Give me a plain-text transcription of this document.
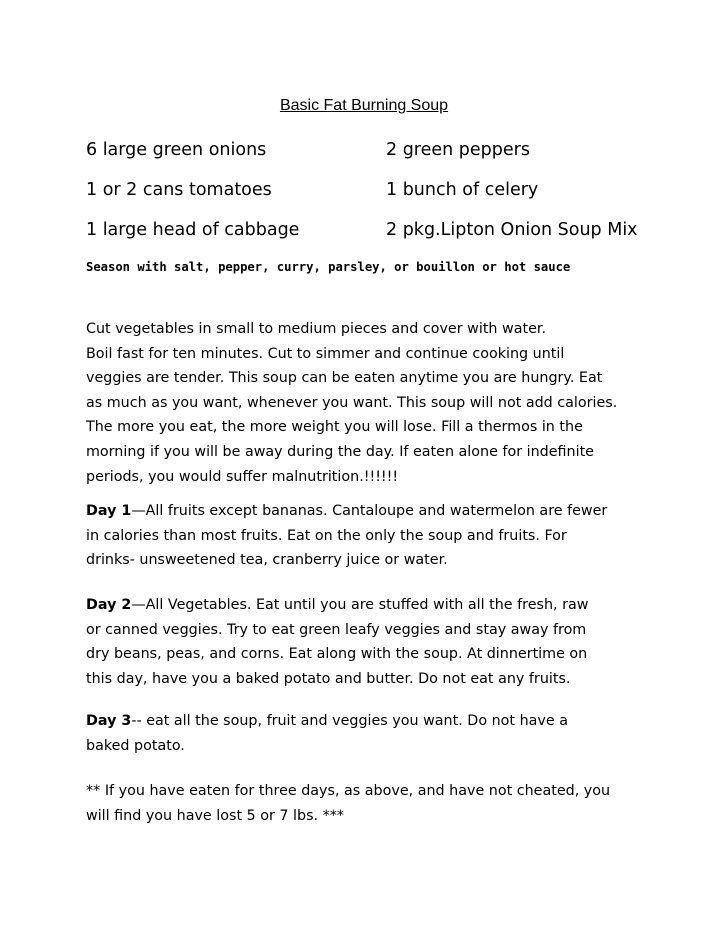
Basic Fat Burning Soup
6 large green onions	2 green peppers
1 or 2 cans tomatoes	1 bunch of celery
1 large head of cabbage	2 pkg.Lipton Onion Soup Mix
Season with salt, pepper, curry, parsley, or bouillon or hot sauce
Cut vegetables in small to medium pieces and cover with water.
Boil fast for ten minutes. Cut to simmer and continue cooking until
veggies are tender. This soup can be eaten anytime you are hungry. Eat
as much as you want, whenever you want. This soup will not add calories.
The more you eat, the more weight you will lose. Fill a thermos in the
morning if you will be away during the day. If eaten alone for indefinite
periods, you would suffer malnutrition.!!!!!!
Day 1—All fruits except bananas. Cantaloupe and watermelon are fewer
in calories than most fruits. Eat on the only the soup and fruits. For
drinks- unsweetened tea, cranberry juice or water.
Day 2—All Vegetables. Eat until you are stuffed with all the fresh, raw
or canned veggies. Try to eat green leafy veggies and stay away from
dry beans, peas, and corns. Eat along with the soup. At dinnertime on
this day, have you a baked potato and butter. Do not eat any fruits.
Day 3-- eat all the soup, fruit and veggies you want. Do not have a
baked potato.
** If you have eaten for three days, as above, and have not cheated, you
will find you have lost 5 or 7 lbs. ***
